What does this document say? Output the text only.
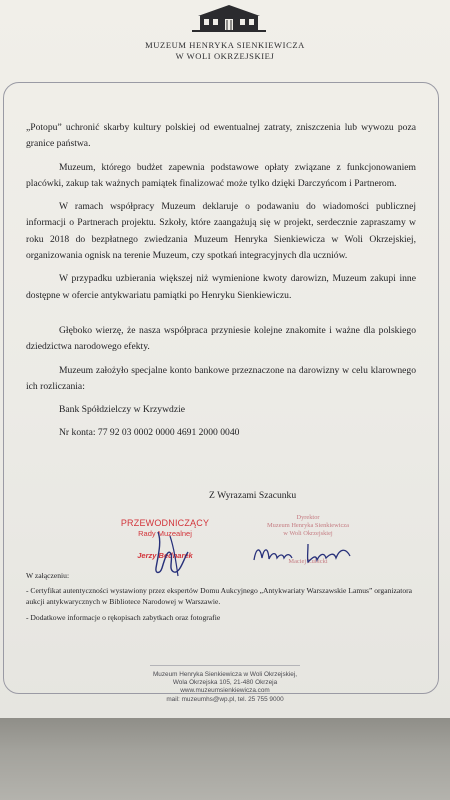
MUZEUM HENRYKA SIENKIEWICZA
W WOLI OKRZEJSKIEJ

„Potopu” uchronić skarby kultury polskiej od ewentualnej zatraty, zniszczenia lub wywozu poza granice państwa.

Muzeum, którego budżet zapewnia podstawowe opłaty związane z funkcjonowaniem placówki, zakup tak ważnych pamiątek finalizować może tylko dzięki Darczyńcom i Partnerom.

W ramach współpracy Muzeum deklaruje o podawaniu do wiadomości publicznej informacji o Partnerach projektu. Szkoły, które zaangażują się w projekt, serdecznie zapraszamy w roku 2018 do bezpłatnego zwiedzania Muzeum Henryka Sienkiewicza w Woli Okrzejskiej, organizowania ognisk na terenie Muzeum, czy spotkań integracyjnych dla uczniów.

W przypadku uzbierania większej niż wymienione kwoty darowizn, Muzeum zakupi inne dostępne w ofercie antykwariatu pamiątki po Henryku Sienkiewiczu.

Głęboko wierzę, że nasza współpraca przyniesie kolejne znakomite i ważne dla polskiego dziedzictwa narodowego efekty.

Muzeum założyło specjalne konto bankowe przeznaczone na darowizny w celu klarownego ich rozliczania:

Bank Spółdzielczy w Krzywdzie

Nr konta: 77 92 03 0002 0000 4691 2000 0040

Z Wyrazami Szacunku
PRZEWODNICZĄCY
Rady Muzealnej
Jerzy Bednarek
Dyrektor
Muzeum Henryka Sienkiewicza
w Woli Okrzejskiej
Maciej Łubicki
W załączeniu:

- Certyfikat autentyczności wystawiony przez ekspertów Domu Aukcyjnego „Antykwariaty Warszawskie Lamus” organizatora aukcji antykwarycznych w Bibliotece Narodowej w Warszawie.

- Dodatkowe informacje o rękopisach zabytkach oraz fotografie

Muzeum Henryka Sienkiewicza w Woli Okrzejskiej,
Wola Okrzejska 105, 21-480 Okrzeja
www.muzeumsienkiewicza.com
mail: muzeumhs@wp.pl, tel. 25 755 9000
